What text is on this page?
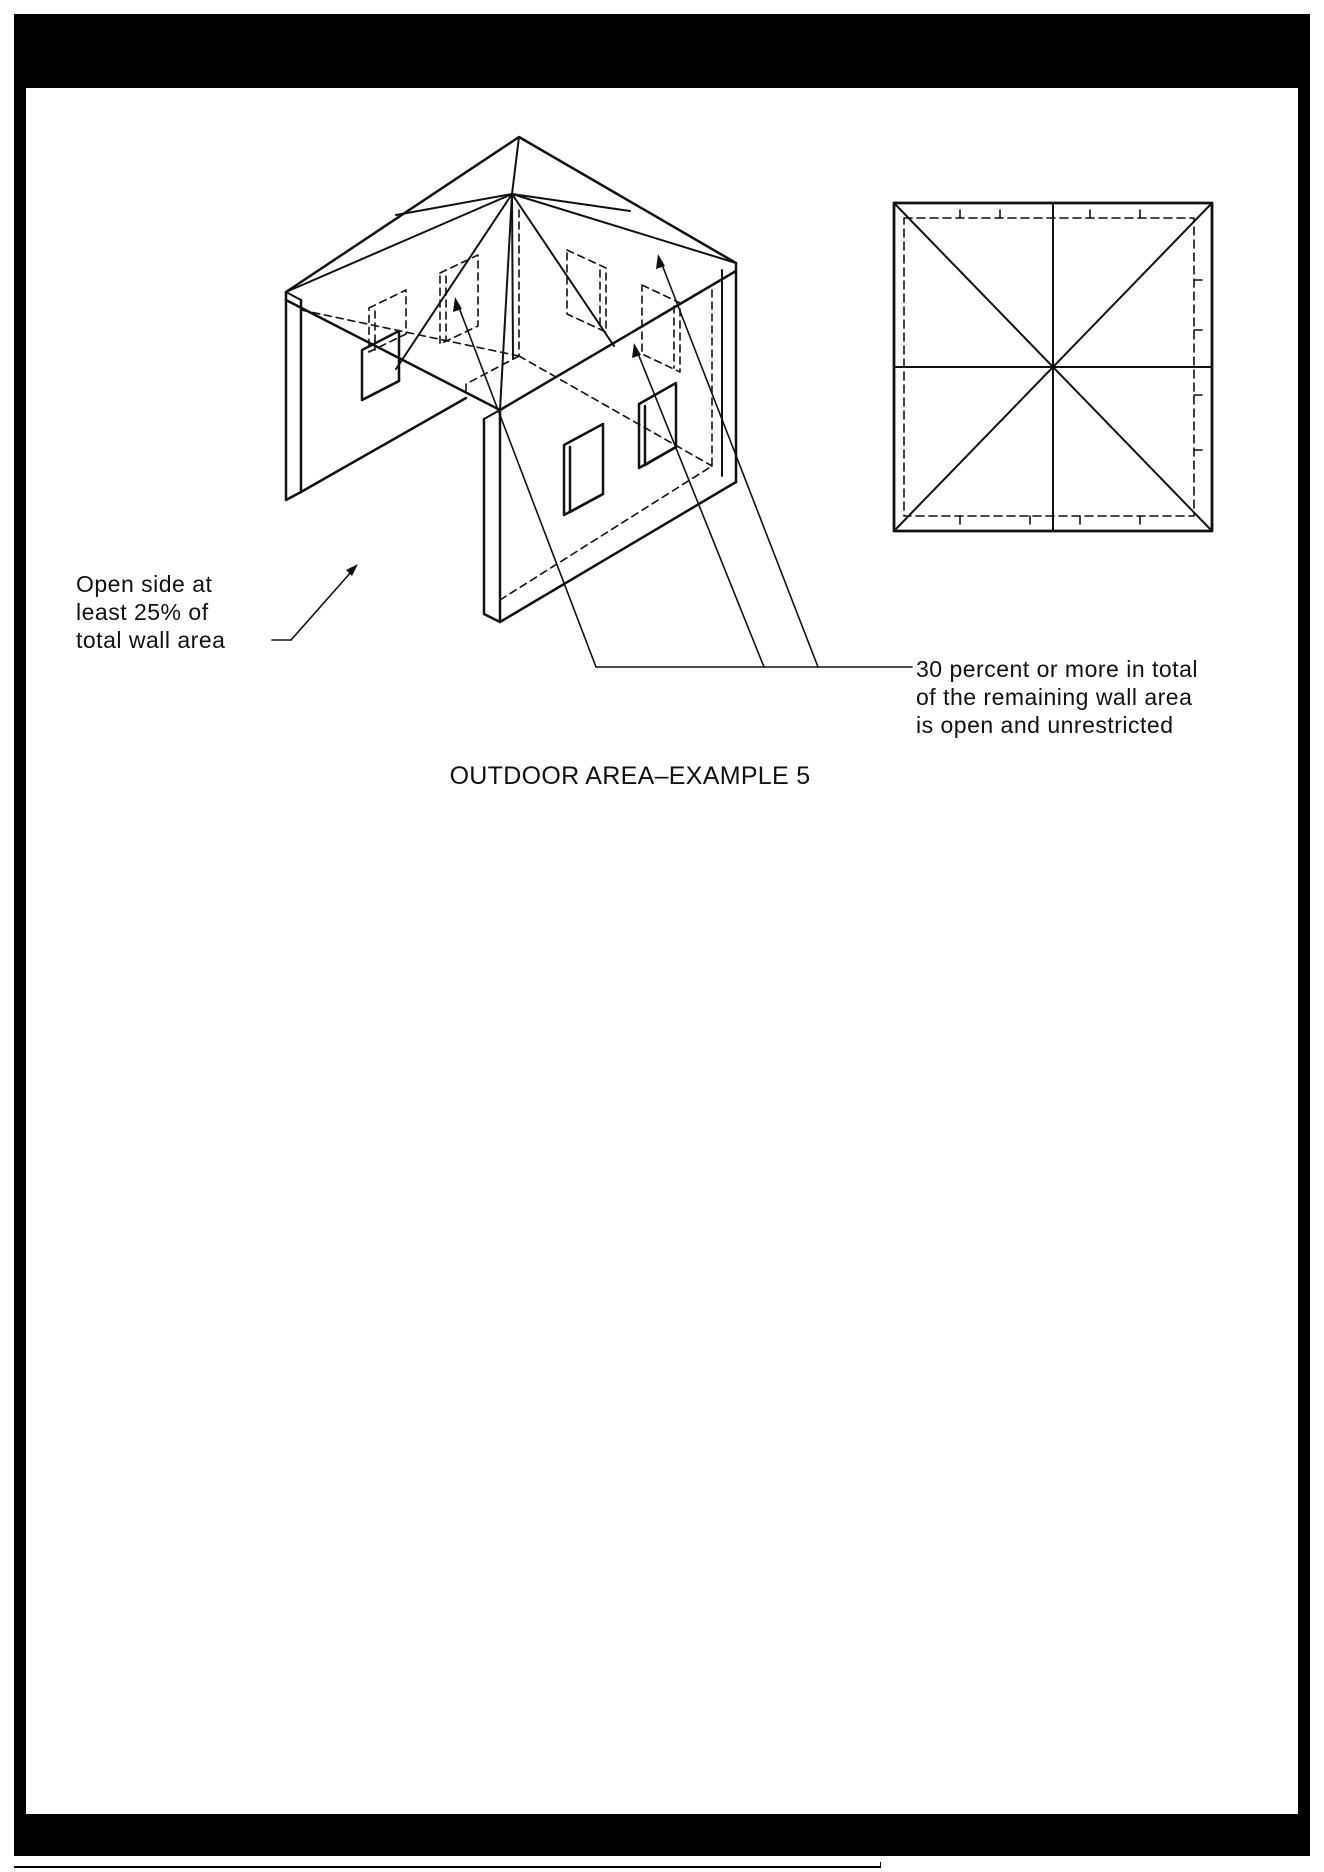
Open side at
least 25% of
total wall area
30 percent or more in total
of the remaining wall area
is open and unrestricted
OUTDOOR AREA–EXAMPLE 5
